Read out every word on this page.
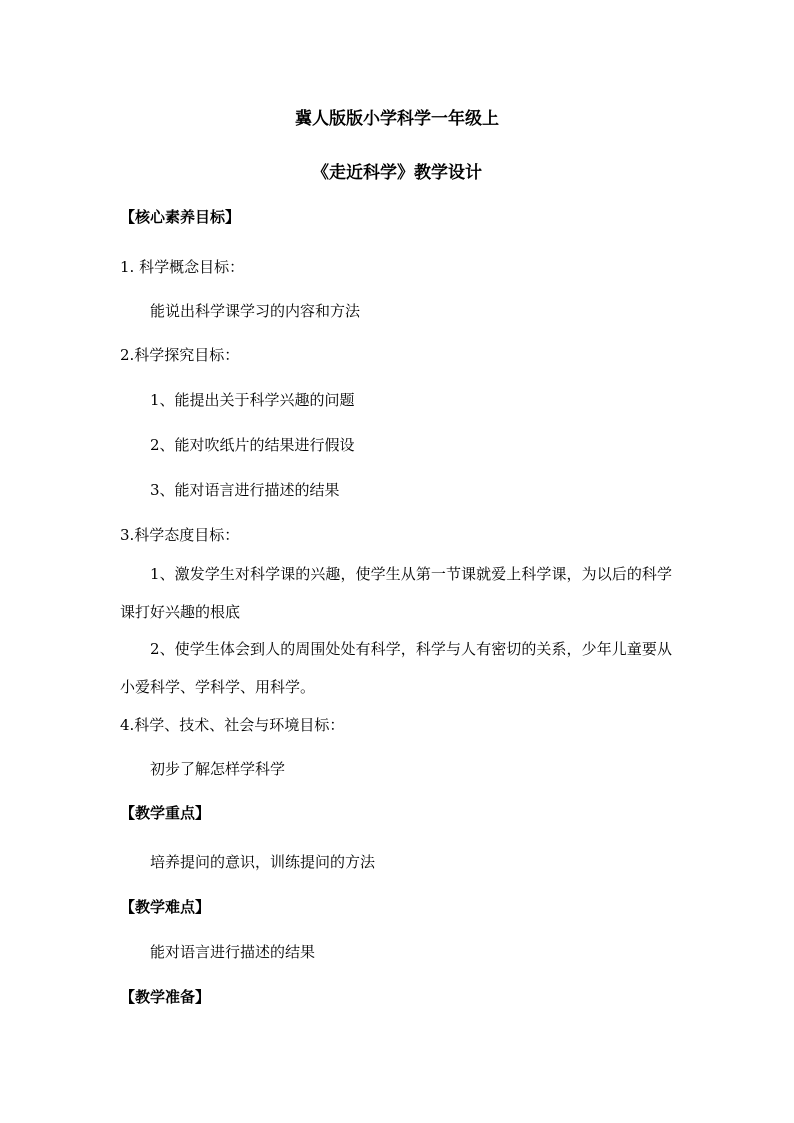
冀人版版小学科学一年级上
《走近科学》教学设计
【核心素养目标】
1. 科学概念目标：
能说出科学课学习的内容和方法
2.科学探究目标：
1、能提出关于科学兴趣的问题
2、能对吹纸片的结果进行假设
3、能对语言进行描述的结果
3.科学态度目标：
1、激发学生对科学课的兴趣，使学生从第一节课就爱上科学课，为以后的科学课打好兴趣的根底
2、使学生体会到人的周围处处有科学，科学与人有密切的关系，少年儿童要从小爱科学、学科学、用科学。
4.科学、技术、社会与环境目标：
初步了解怎样学科学
【教学重点】
培养提问的意识，训练提问的方法
【教学难点】
能对语言进行描述的结果
【教学准备】
